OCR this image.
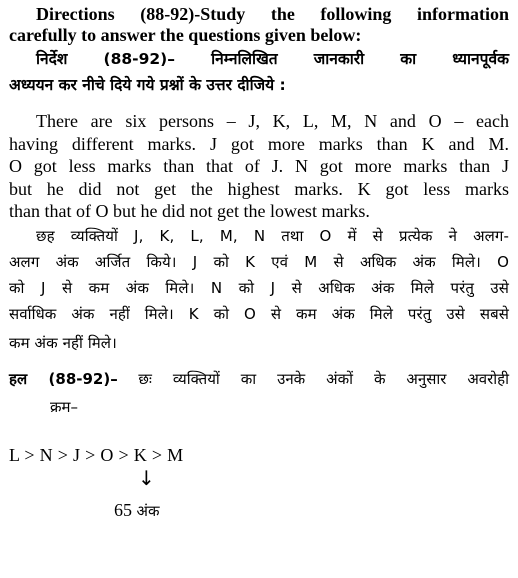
Directions (88-92)-Study the following information
carefully to answer the questions given below:
निर्देश (88-92)– निम्नलिखित जानकारी का ध्यानपूर्वक
अध्ययन कर नीचे दिये गये प्रश्नों के उत्तर दीजिये :
There are six persons – J, K, L, M, N and O – each
having different marks. J got more marks than K and M.
O got less marks than that of J. N got more marks than J
but he did not get the highest marks. K got less marks
than that of O but he did not get the lowest marks.
छह व्यक्तियों J, K, L, M, N तथा O में से प्रत्येक ने अलग-
अलग अंक अर्जित किये। J को K एवं M से अधिक अंक मिले। O
को J से कम अंक मिले। N को J से अधिक अंक मिले परंतु उसे
सर्वाधिक अंक नहीं मिले। K को O से कम अंक मिले परंतु उसे सबसे
कम अंक नहीं मिले।
हल (88-92)– छः व्यक्तियों का उनके अंकों के अनुसार अवरोही
क्रम–
L > N > J > O > K > M
↓
65 अंक
